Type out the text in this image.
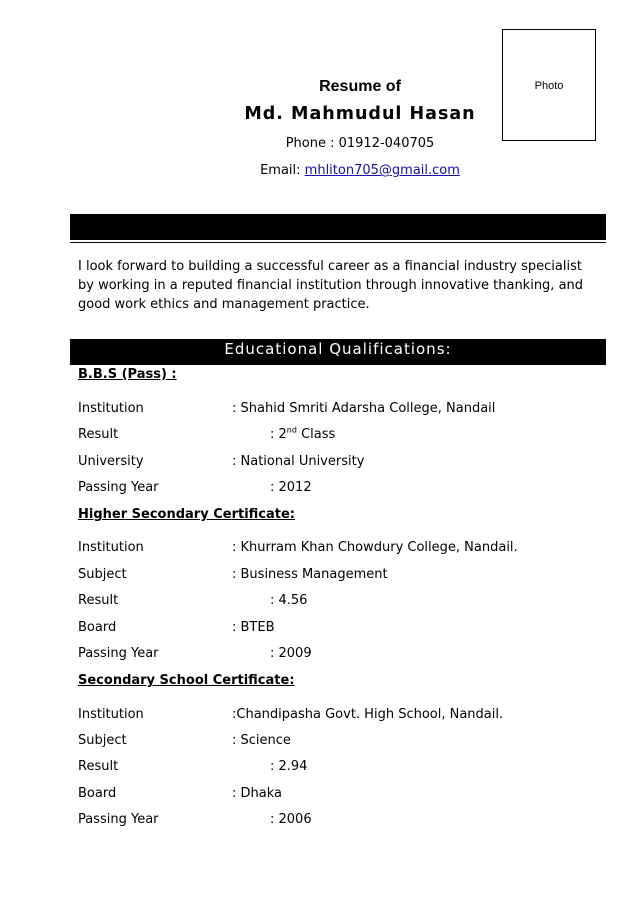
Photo
Resume of
Md. Mahmudul Hasan
Phone : 01912-040705
Email: mhliton705@gmail.com
I look forward to building a successful career as a financial industry specialist by working in a reputed financial institution through innovative thanking, and good work ethics and management practice.
Educational Qualifications:
B.B.S (Pass) :
Institution	: Shahid Smriti Adarsha College, Nandail
Result	: 2nd Class
University	: National University
Passing Year	: 2012
Higher Secondary Certificate:
Institution	: Khurram Khan Chowdury College, Nandail.
Subject	: Business Management
Result	: 4.56
Board	: BTEB
Passing Year	: 2009
Secondary School Certificate:
Institution	:Chandipasha Govt. High School, Nandail.
Subject	: Science
Result	: 2.94
Board	: Dhaka
Passing Year	: 2006
